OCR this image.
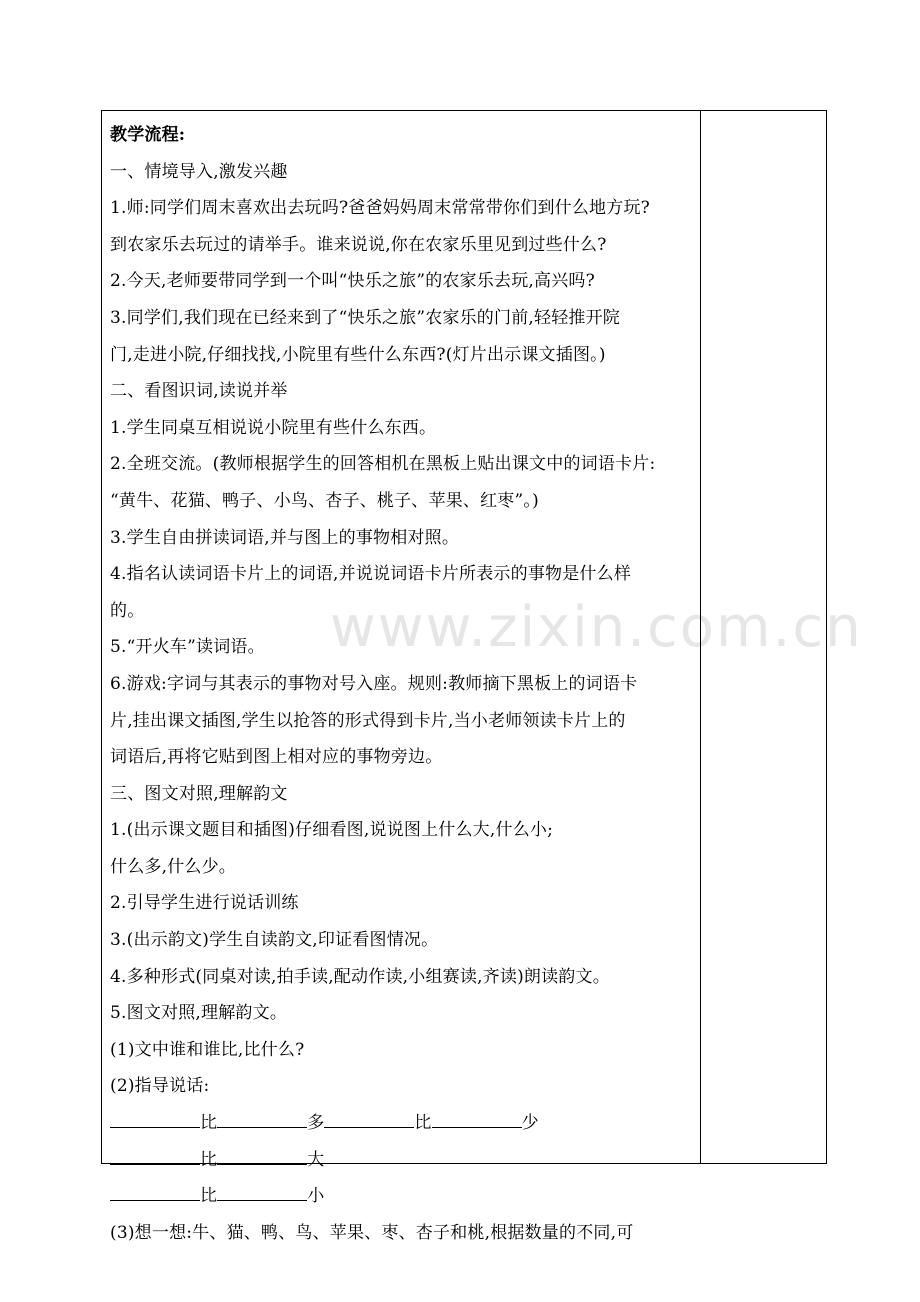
www.zixin.com.cn
教学流程:
一、情境导入,激发兴趣
1.师:同学们周末喜欢出去玩吗?爸爸妈妈周末常常带你们到什么地方玩?
到农家乐去玩过的请举手。谁来说说,你在农家乐里见到过些什么?
2.今天,老师要带同学到一个叫“快乐之旅”的农家乐去玩,高兴吗?
3.同学们,我们现在已经来到了“快乐之旅”农家乐的门前,轻轻推开院
门,走进小院,仔细找找,小院里有些什么东西?(灯片出示课文插图。)
二、看图识词,读说并举
1.学生同桌互相说说小院里有些什么东西。
2.全班交流。(教师根据学生的回答相机在黑板上贴出课文中的词语卡片:
“黄牛、花猫、鸭子、小鸟、杏子、桃子、苹果、红枣”。)
3.学生自由拼读词语,并与图上的事物相对照。
4.指名认读词语卡片上的词语,并说说词语卡片所表示的事物是什么样
的。
5.“开火车”读词语。
6.游戏:字词与其表示的事物对号入座。规则:教师摘下黑板上的词语卡
片,挂出课文插图,学生以抢答的形式得到卡片,当小老师领读卡片上的
词语后,再将它贴到图上相对应的事物旁边。
三、图文对照,理解韵文
1.(出示课文题目和插图)仔细看图,说说图上什么大,什么小;
什么多,什么少。
2.引导学生进行说话训练
3.(出示韵文)学生自读韵文,印证看图情况。
4.多种形式(同桌对读,拍手读,配动作读,小组赛读,齐读)朗读韵文。
5.图文对照,理解韵文。
(1)文中谁和谁比,比什么?
(2)指导说话:
比	多	比	少
比	大
比	小
(3)想一想:牛、猫、鸭、鸟、苹果、枣、杏子和桃,根据数量的不同,可
